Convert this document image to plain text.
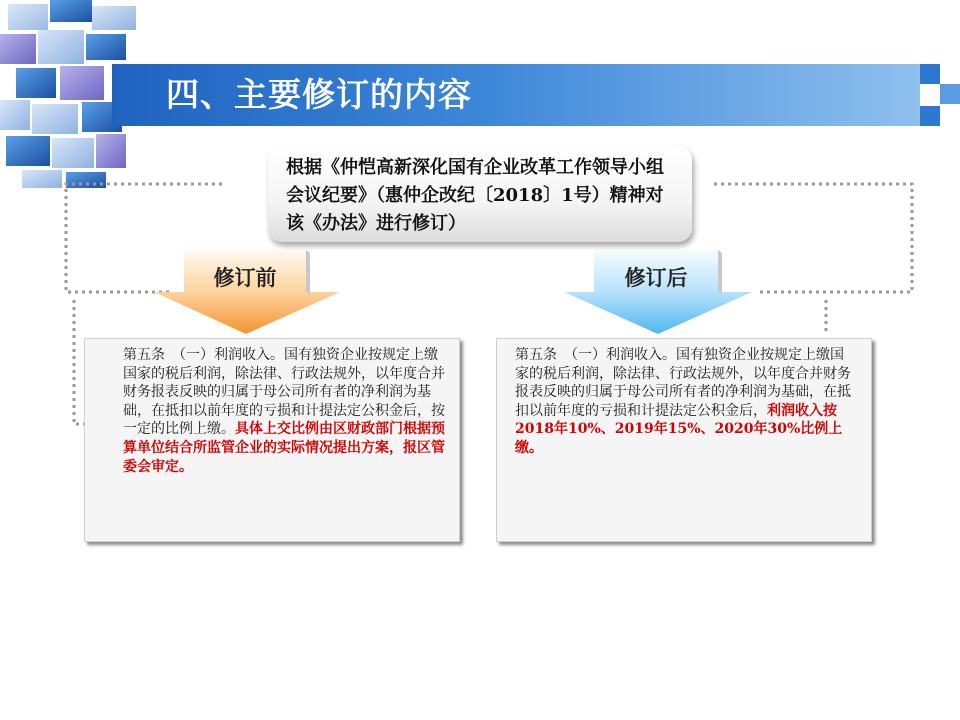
四、主要修订的内容
根据《仲恺高新深化国有企业改革工作领导小组会议纪要》（惠仲企改纪〔2018〕1号）精神对该《办法》进行修订）
修订前	修订后
第五条　（一）利润收入。国有独资企业按规定上缴国家的税后利润，除法律、行政法规外，以年度合并财务报表反映的归属于母公司所有者的净利润为基础，在抵扣以前年度的亏损和计提法定公积金后，按一定的比例上缴。具体上交比例由区财政部门根据预算单位结合所监管企业的实际情况提出方案，报区管委会审定。
第五条　（一）利润收入。国有独资企业按规定上缴国家的税后利润，除法律、行政法规外，以年度合并财务报表反映的归属于母公司所有者的净利润为基础，在抵扣以前年度的亏损和计提法定公积金后，利润收入按2018年10%、2019年15%、2020年30%比例上缴。
